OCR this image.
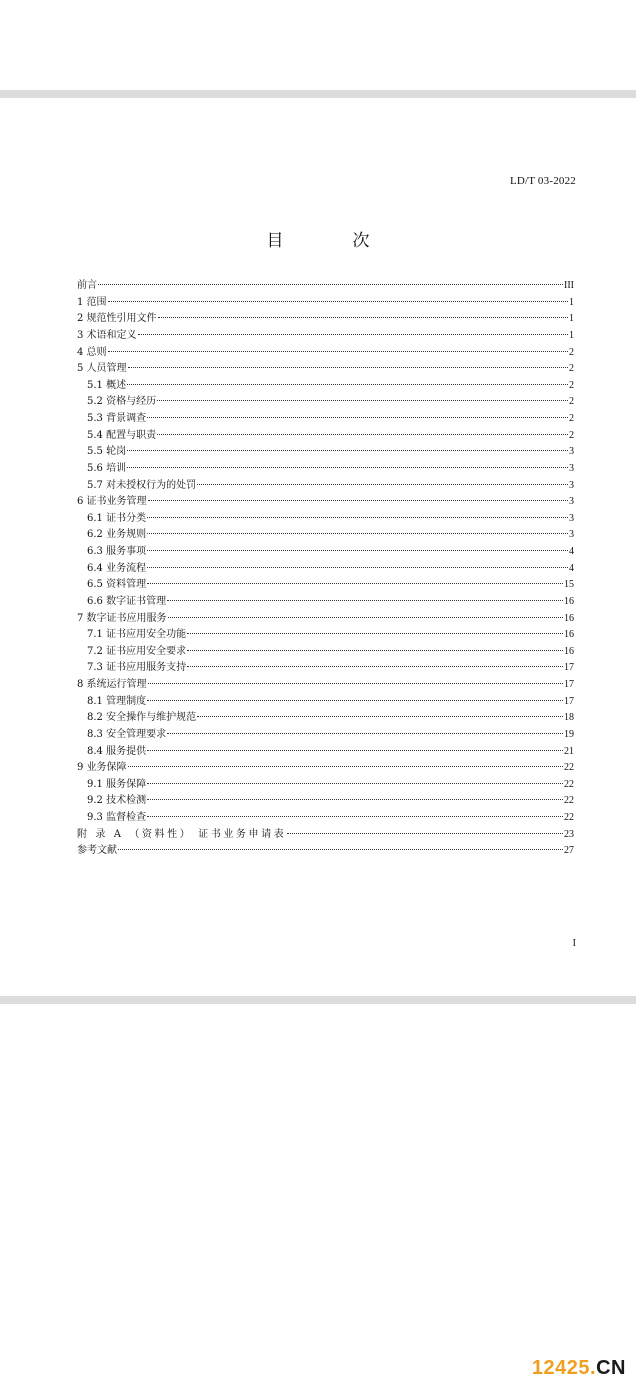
LD/T 03-2022
目　次
前言	III
1 范围	1
2 规范性引用文件	1
3 术语和定义	1
4 总则	2
5 人员管理	2
5.1 概述	2
5.2 资格与经历	2
5.3 背景调查	2
5.4 配置与职责	2
5.5 轮岗	3
5.6 培训	3
5.7 对未授权行为的处罚	3
6 证书业务管理	3
6.1 证书分类	3
6.2 业务规则	3
6.3 服务事项	4
6.4 业务流程	4
6.5 资料管理	15
6.6 数字证书管理	16
7 数字证书应用服务	16
7.1 证书应用安全功能	16
7.2 证书应用安全要求	16
7.3 证书应用服务支持	17
8 系统运行管理	17
8.1 管理制度	17
8.2 安全操作与维护规范	18
8.3 安全管理要求	19
8.4 服务提供	21
9 业务保障	22
9.1 服务保障	22
9.2 技术检测	22
9.3 监督检查	22
附 录 A （资料性） 证书业务申请表	23
参考文献	27
I
12425.CN
